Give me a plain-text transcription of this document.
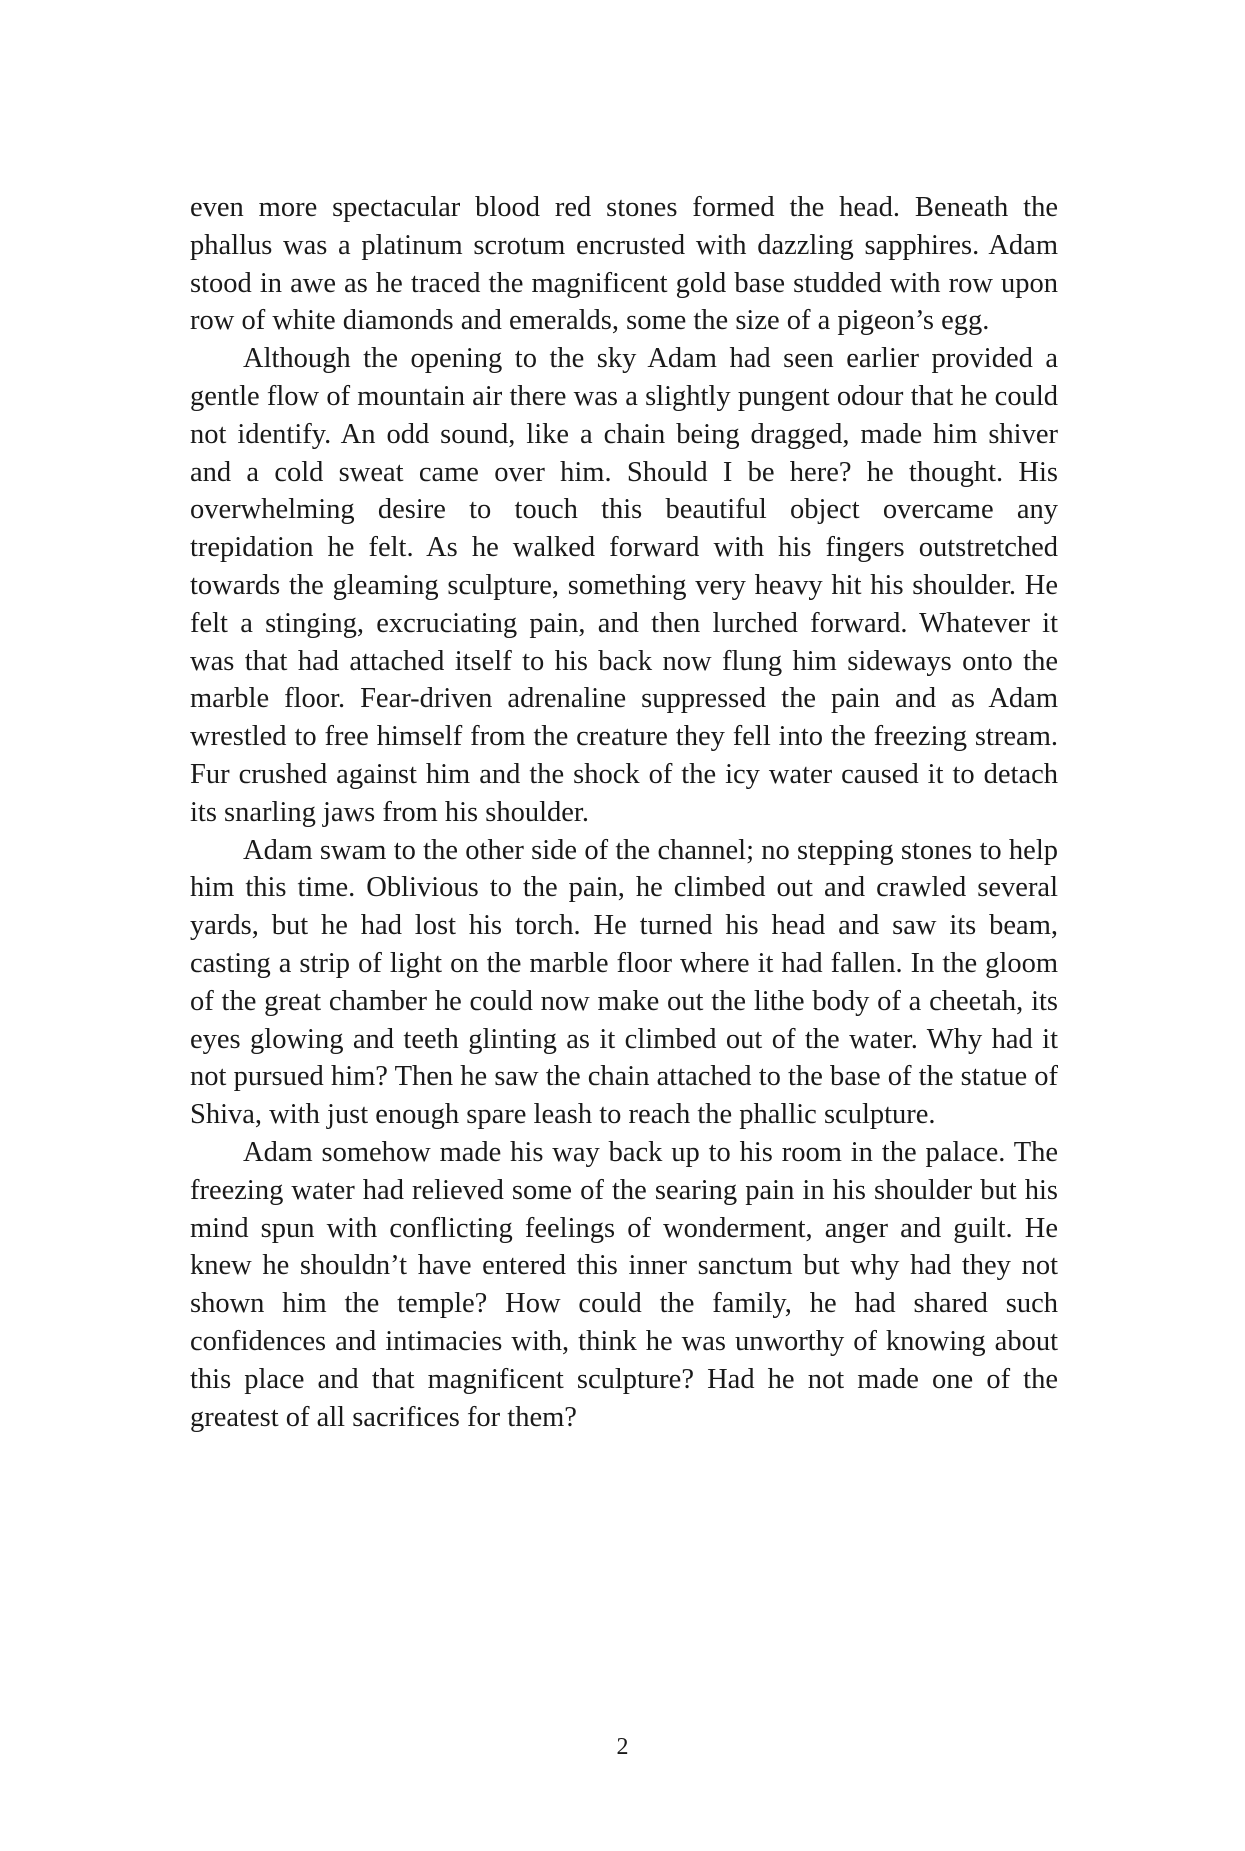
even more spectacular blood red stones formed the head. Beneath the phallus was a platinum scrotum encrusted with dazzling sapphires. Adam stood in awe as he traced the magnificent gold base studded with row upon row of white diamonds and emeralds, some the size of a pigeon’s egg.

Although the opening to the sky Adam had seen earlier provided a gentle flow of mountain air there was a slightly pungent odour that he could not identify. An odd sound, like a chain being dragged, made him shiver and a cold sweat came over him. Should I be here? he thought. His overwhelming desire to touch this beautiful object overcame any trepidation he felt. As he walked forward with his fingers outstretched towards the gleaming sculpture, something very heavy hit his shoulder. He felt a stinging, excruciating pain, and then lurched forward. Whatever it was that had attached itself to his back now flung him sideways onto the marble floor. Fear-driven adrenaline suppressed the pain and as Adam wrestled to free himself from the creature they fell into the freezing stream. Fur crushed against him and the shock of the icy water caused it to detach its snarling jaws from his shoulder.

Adam swam to the other side of the channel; no stepping stones to help him this time. Oblivious to the pain, he climbed out and crawled several yards, but he had lost his torch. He turned his head and saw its beam, casting a strip of light on the marble floor where it had fallen. In the gloom of the great chamber he could now make out the lithe body of a cheetah, its eyes glowing and teeth glinting as it climbed out of the water. Why had it not pursued him? Then he saw the chain attached to the base of the statue of Shiva, with just enough spare leash to reach the phallic sculpture.

Adam somehow made his way back up to his room in the palace. The freezing water had relieved some of the searing pain in his shoulder but his mind spun with conflicting feelings of wonderment, anger and guilt. He knew he shouldn’t have entered this inner sanctum but why had they not shown him the temple? How could the family, he had shared such confidences and intimacies with, think he was unworthy of knowing about this place and that magnificent sculpture? Had he not made one of the greatest of all sacrifices for them?

2
